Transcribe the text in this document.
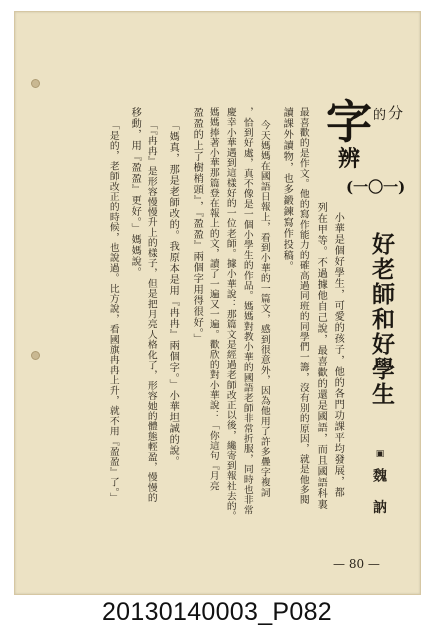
字 的 分
辨
(一〇一)
好老師和好學生
▣
魏 訥
小華是個好學生，可愛的孩子，他的各門功課平均發展，都
列在甲等。不過據他自己說，最喜歡的還是國語，而且國語科裏
最喜歡的是作文。他的寫作能力的確高過同班的同學們一籌，沒有別的原因，就是他多閱
讀課外讀物，也多鍛鍊寫作投稿。
今天媽媽在國語日報上，看到小華的一篇文，感到很意外，因為他用了許多疊字複詞
，恰到好處，真不像是一個小學生的作品。媽媽對教小華的國語老師非常折服，同時也非常
慶幸小華遇到這樣好的一位老師。據小華說：那篇文是經過老師改正以後，纔寄到報社去的。
媽媽捧著小華那篇登在報上的文，讀了一遍又一遍。歡欣的對小華說：「你這句『月亮
盈盈的上了樹梢頭』，『盈盈』兩個字用得很好。」
「媽真，那是老師改的。我原本是用『冉冉』兩個字。」小華坦誠的說。
「『冉冉』是形容慢慢升上的樣子，但是把月亮人格化了，形容她的體態輕盈，慢慢的
移動，用『盈盈』更好。」媽媽說。
「是的，老師改正的時候，也說過。比方說，看國旗冉冉上升，就不用『盈盈』了。」
— 80 —
20130140003_P082
